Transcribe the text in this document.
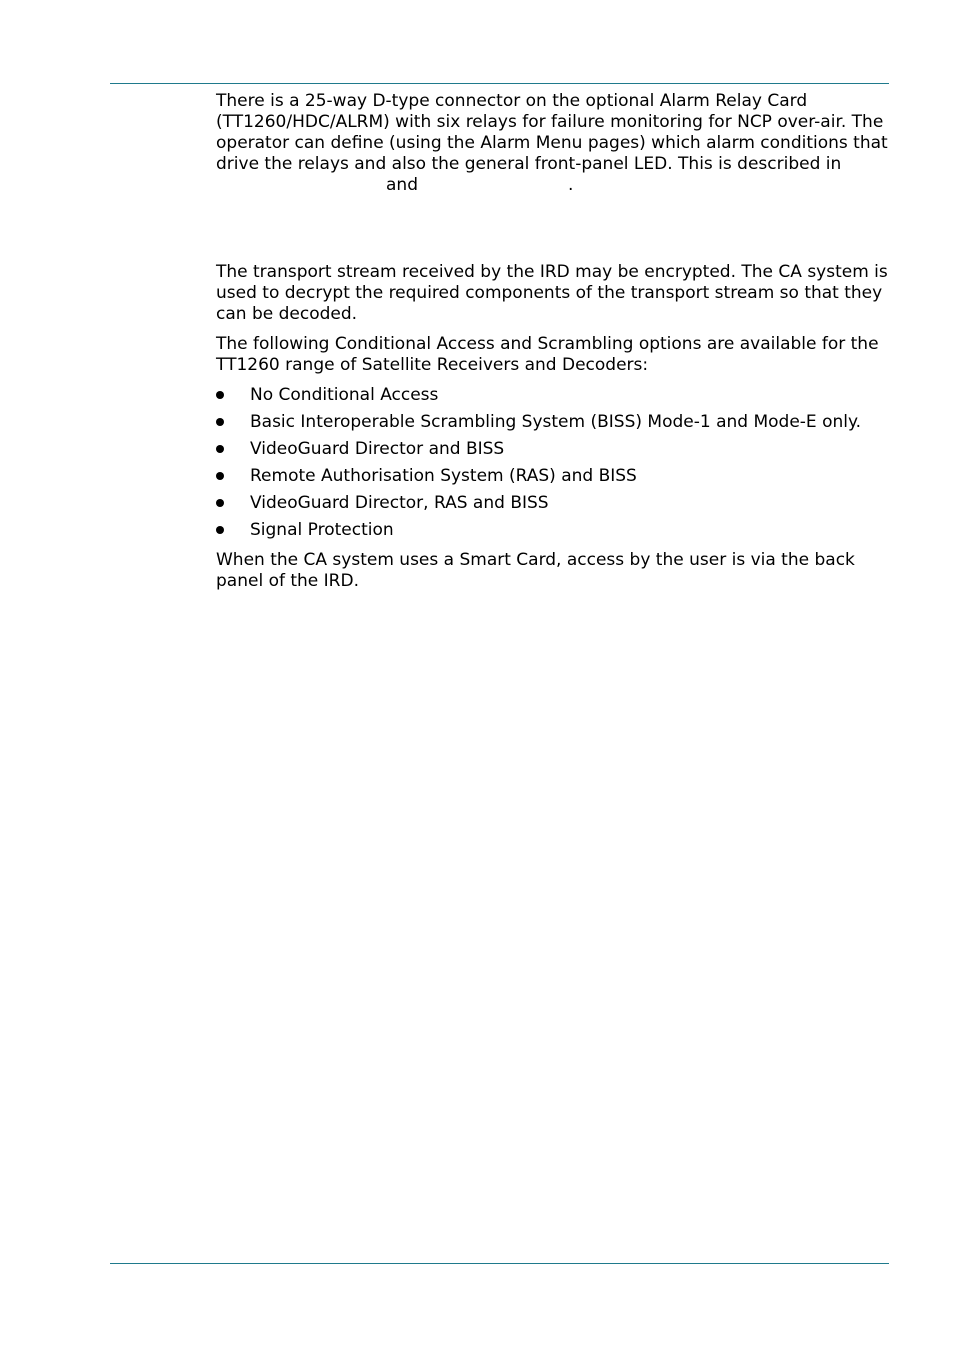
There is a 25-way D-type connector on the optional Alarm Relay Card (TT1260/HDC/ALRM) with six relays for failure monitoring for NCP over-air. The operator can define (using the Alarm Menu pages) which alarm conditions that drive the relays and also the general front-panel LED. This is described in and	.

The transport stream received by the IRD may be encrypted. The CA system is used to decrypt the required components of the transport stream so that they can be decoded.

The following Conditional Access and Scrambling options are available for the TT1260 range of Satellite Receivers and Decoders:

No Conditional Access
Basic Interoperable Scrambling System (BISS) Mode-1 and Mode-E only.
VideoGuard Director and BISS
Remote Authorisation System (RAS) and BISS
VideoGuard Director, RAS and BISS
Signal Protection

When the CA system uses a Smart Card, access by the user is via the back panel of the IRD.
